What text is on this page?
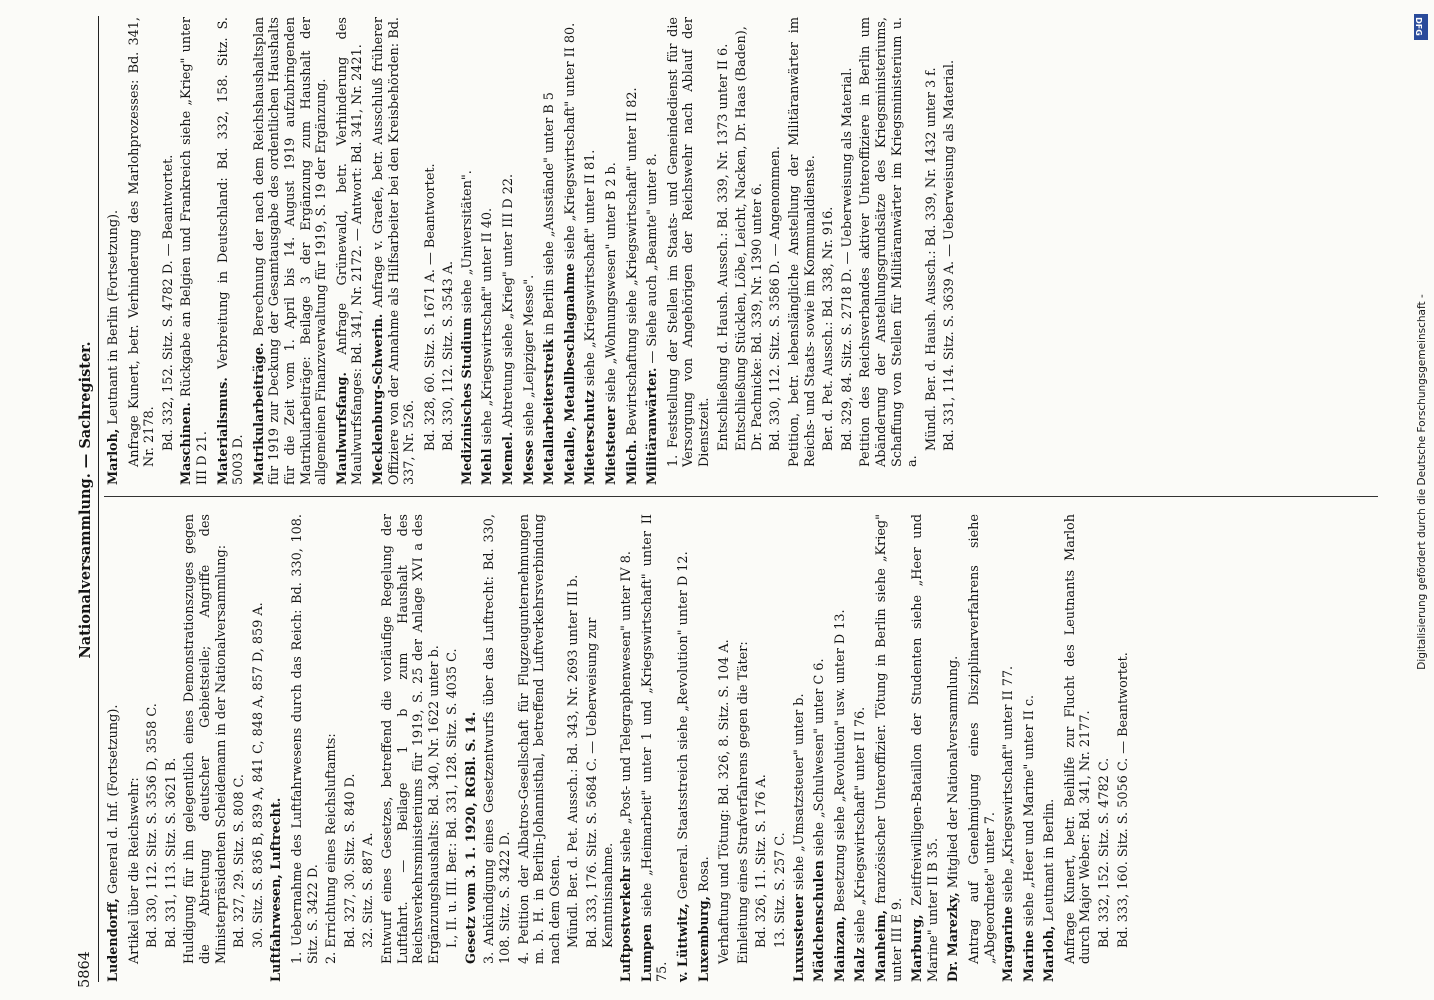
5864
Nationalversammlung. — Sachregister.

Ludendorff, General d. Inf. (Fortsetzung). Artikel über die Reichswehr: Bd. 330, 112. Sitz. S. 3536 D, 3558 C. Bd. 331, 113. Sitz. S. 3621 B. Huldigung für ihn gelegentlich eines Demonstrationszuges gegen die Abtretung deutscher Gebietsteile; Angriffe des Ministerpräsidenten Scheidemann in der Nationalversammlung: Bd. 327, 29. Sitz. S. 808 C. 30. Sitz. S. 836 B, 839 A, 841 C, 848 A, 857 D, 859 A. Luftfahrwesen, Luftrecht. 1. Uebernahme des Luftfahrwesens durch das Reich: Bd. 330, 108. Sitz. S. 3422 D. 2. Errichtung eines Reichsluftamts: Bd. 327, 30. Sitz. S. 840 D. 32. Sitz. S. 887 A. Entwurf eines Gesetzes, betreffend die vorläufige Regelung der Luftfahrt. — Beilage 1 b zum Haushalt des Reichsverkehrsministeriums für 1919, S. 25 der Anlage XVI a des Ergänzungshaushalts: Bd. 340, Nr. 1622 unter b. I., II. u. III. Ber.: Bd. 331, 128. Sitz. S. 4035 C. Gesetz vom 3. 1. 1920, RGBl. S. 14. 3. Ankündigung eines Gesetzentwurfs über das Luftrecht: Bd. 330, 108. Sitz. S. 3422 D. 4. Petition der Albatros-Gesellschaft für Flugzeugunternehmungen m. b. H. in Berlin-Johannisthal, betreffend Luftverkehrsverbindung nach dem Osten. Mündl. Ber. d. Pet. Aussch.: Bd. 343, Nr. 2693 unter III b. Bd. 333, 176. Sitz. S. 5684 C. — Ueberweisung zur Kenntnisnahme. Luftpostverkehr siehe „Post- und Telegraphenwesen" unter IV 8.

Lumpen siehe „Heimarbeit" unter 1 und „Kriegswirtschaft" unter II 75. v. Lüttwitz, General. Staatsstreich siehe „Revolution" unter D 12.

Luxemburg, Rosa. Verhaftung und Tötung: Bd. 326, 8. Sitz. S. 104 A. Einleitung eines Strafverfahrens gegen die Täter: Bd. 326, 11. Sitz. S. 176 A. 13. Sitz. S. 257 C. Luxussteuer siehe „Umsatzsteuer" unter b.

Mädchenschulen siehe „Schulwesen" unter C 6.

Mainzan, Besetzung siehe „Revolution" usw. unter D 13.

Malz siehe „Kriegswirtschaft" unter II 76.

Manheim, französischer Unteroffizier. Tötung in Berlin siehe „Krieg" unter III E 9. Marburg, Zeitfreiwilligen-Bataillon der Studenten siehe „Heer und Marine" unter II B 35. Dr. Marezky, Mitglied der Nationalversammlung. Antrag auf Genehmigung eines Disziplinarverfahrens siehe „Abgeordnete" unter 7. Margarine siehe „Kriegswirtschaft" unter II 77.

Marine siehe „Heer und Marine" unter II c.

Marloh, Leutnant in Berlin. Anfrage Kunert, betr. Beihilfe zur Flucht des Leutnants Marloh durch Major Weber: Bd. 341, Nr. 2177. Bd. 332, 152. Sitz. S. 4782 C. Bd. 333, 160. Sitz. S. 5056 C. — Beantwortet.

Marloh, Leutnant in Berlin (Fortsetzung). Anfrage Kunert, betr. Verhinderung des Marlohprozesses: Bd. 341, Nr. 2178. Bd. 332, 152. Sitz. S. 4782 D. — Beantwortet. Maschinen. Rückgabe an Belgien und Frankreich siehe „Krieg" unter III D 21. Materialismus. Verbreitung in Deutschland: Bd. 332, 158. Sitz. S. 5003 D. Matrikularbeiträge. Berechnung der nach dem Reichshaushaltsplan für 1919 zur Deckung der Gesamtausgabe des ordentlichen Haushalts für die Zeit vom 1. April bis 14. August 1919 aufzubringenden Matrikularbeiträge: Beilage 3 der Ergänzung zum Haushalt der allgemeinen Finanzverwaltung für 1919, S. 19 der Ergänzung. Maulwurfsfang. Anfrage Grünewald, betr. Verhinderung des Maulwurfsfanges: Bd. 341, Nr. 2172. — Antwort: Bd. 341, Nr. 2421. Mecklenburg-Schwerin. Anfrage v. Graefe, betr. Ausschluß früherer Offiziere von der Annahme als Hilfsarbeiter bei den Kreisbehörden: Bd. 337, Nr. 526. Bd. 328, 60. Sitz. S. 1671 A. — Beantwortet. Bd. 330, 112. Sitz. S. 3543 A. Medizinisches Studium siehe „Universitäten".

Mehl siehe „Kriegswirtschaft" unter II 40.

Memel. Abtretung siehe „Krieg" unter III D 22.

Messe siehe „Leipziger Messe". Metallarbeiterstreik in Berlin siehe „Ausstände" unter B 5

Metalle, Metallbeschlagnahme siehe „Kriegswirtschaft" unter II 80.

Mieterschutz siehe „Kriegswirtschaft" unter II 81.

Mietsteuer siehe „Wohnungswesen" unter B 2 b.

Milch. Bewirtschaftung siehe „Kriegswirtschaft" unter II 82. Militäranwärter. — Siehe auch „Beamte" unter 8. 1. Feststellung der Stellen im Staats- und Gemeindedienst für die Versorgung von Angehörigen der Reichswehr nach Ablauf der Dienstzeit. Entschließung d. Haush. Aussch.: Bd. 339, Nr. 1373 unter II 6. Entschließung Stücklen, Löbe, Leicht, Nacken, Dr. Haas (Baden), Dr. Pachnicke: Bd. 339, Nr. 1390 unter 6. Bd. 330, 112. Sitz. S. 3586 D. — Angenommen. Petition, betr. lebenslängliche Anstellung der Militäranwärter im Reichs- und Staats- sowie im Kommunaldienste. Ber. d. Pet. Aussch.: Bd. 338, Nr. 916. Bd. 329, 84. Sitz. S. 2718 D. — Ueberweisung als Material. Petition des Reichsverbandes aktiver Unteroffiziere in Berlin um Abänderung der Anstellungsgrundsätze des Kriegsministeriums, Schaffung von Stellen für Militäranwärter im Kriegsministerium u. a.

Mündl. Ber. d. Haush. Aussch.: Bd. 339, Nr. 1432 unter 3 f. Bd. 331, 114. Sitz. S. 3639 A. — Ueberweisung als Material.

DFG
Digitalisierung gefördert durch die Deutsche Forschungsgemeinschaft -
